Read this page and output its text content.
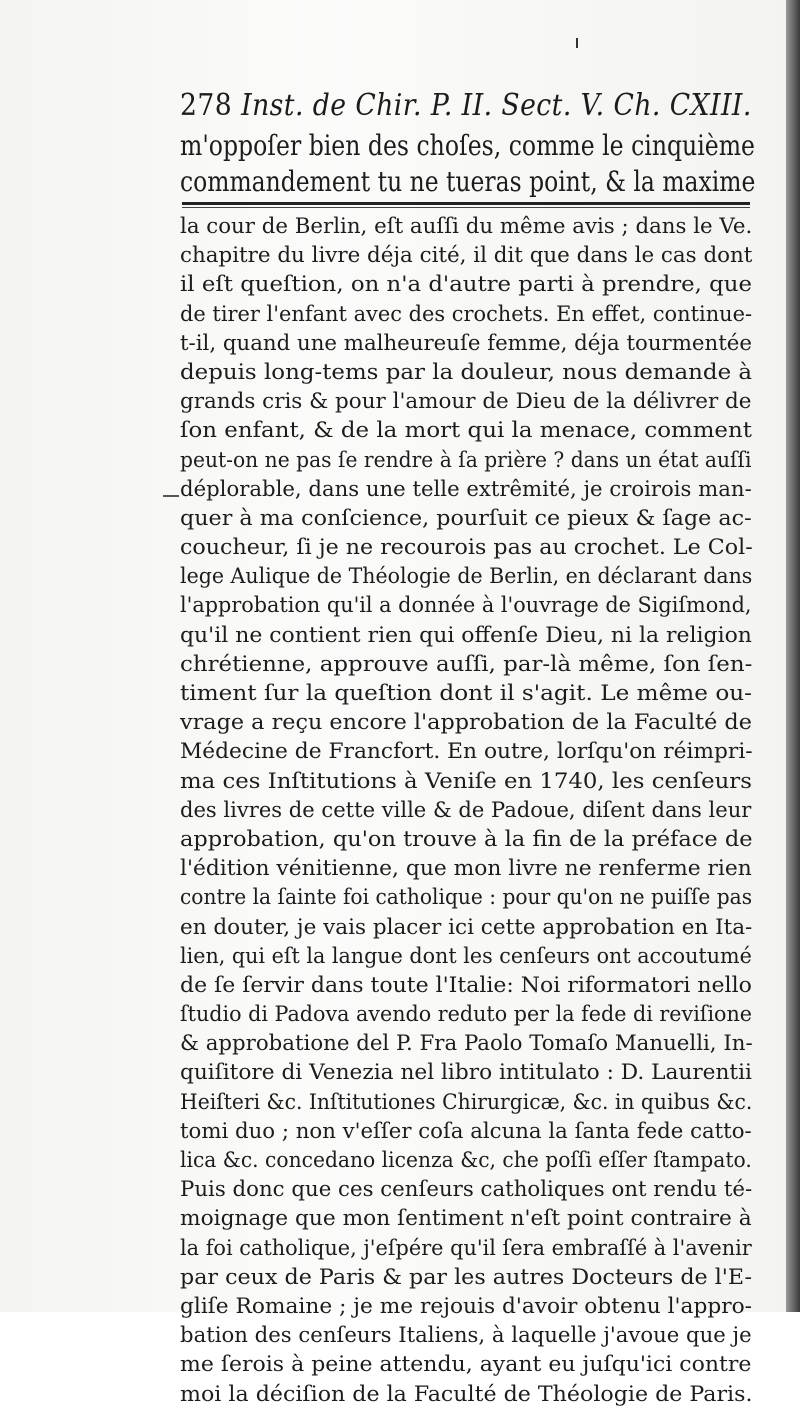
278 Inst. de Chir. P. II. Sect. V. Ch. CXIII.
m'oppoſer bien des choſes, comme le cinquième
commandement tu ne tueras point, & la maxime
la cour de Berlin, eſt auſſi du même avis ; dans le Ve.
chapitre du livre déja cité, il dit que dans le cas dont
il eſt queſtion, on n'a d'autre parti à prendre, que
de tirer l'enfant avec des crochets. En effet, continue-
t-il, quand une malheureuſe femme, déja tourmentée
depuis long-tems par la douleur, nous demande à
grands cris & pour l'amour de Dieu de la délivrer de
ſon enfant, & de la mort qui la menace, comment
peut-on ne pas ſe rendre à ſa prière ? dans un état auſſi
déplorable, dans une telle extrêmité, je croirois man-
quer à ma conſcience, pourſuit ce pieux & ſage ac-
coucheur, ſi je ne recourois pas au crochet. Le Col-
lege Aulique de Théologie de Berlin, en déclarant dans
l'approbation qu'il a donnée à l'ouvrage de Sigiſmond,
qu'il ne contient rien qui offenſe Dieu, ni la religion
chrétienne, approuve auſſi, par-là même, ſon ſen-
timent ſur la queſtion dont il s'agit. Le même ou-
vrage a reçu encore l'approbation de la Faculté de
Médecine de Francfort. En outre, lorſqu'on réimpri-
ma ces Inſtitutions à Veniſe en 1740, les cenſeurs
des livres de cette ville & de Padoue, diſent dans leur
approbation, qu'on trouve à la fin de la préface de
l'édition vénitienne, que mon livre ne renferme rien
contre la ſainte foi catholique : pour qu'on ne puiſſe pas
en douter, je vais placer ici cette approbation en Ita-
lien, qui eſt la langue dont les cenſeurs ont accoutumé
de ſe ſervir dans toute l'Italie: Noi riformatori nello
ſtudio di Padova avendo reduto per la fede di reviſione
& approbatione del P. Fra Paolo Tomaſo Manuelli, In-
quiſitore di Venezia nel libro intitulato : D. Laurentii
Heiſteri &c. Inſtitutiones Chirurgicæ, &c. in quibus &c.
tomi duo ; non v'eſſer coſa alcuna la ſanta fede catto-
lica &c. concedano licenza &c, che poſſi eſſer ſtampato.
Puis donc que ces cenſeurs catholiques ont rendu té-
moignage que mon ſentiment n'eſt point contraire à
la foi catholique, j'eſpére qu'il ſera embraſſé à l'avenir
par ceux de Paris & par les autres Docteurs de l'E-
gliſe Romaine ; je me rejouis d'avoir obtenu l'appro-
bation des cenſeurs Italiens, à laquelle j'avoue que je
me ſerois à peine attendu, ayant eu juſqu'ici contre
moi la déciſion de la Faculté de Théologie de Paris.
